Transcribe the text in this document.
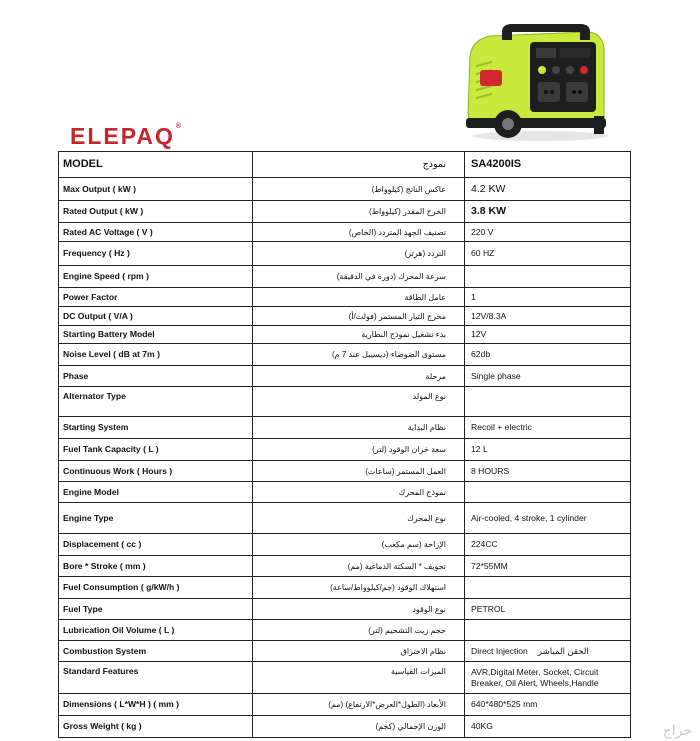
ELEPAQ®
MODEL	نموذج	SA4200IS
Max Output ( kW )	عاكس الناتج (كيلوواط)	4.2 KW
Rated Output ( kW )	الخرج المقدر (كيلوواط)	3.8 KW
Rated AC Voltage ( V )	تصنيف الجهد المتردد (الخاص)	220 V
Frequency ( Hz )	التردد (هرتز)	60 HZ
Engine Speed ( rpm )	سرعة المحرك (دورة في الدقيقة)	
Power Factor	عامل الطاقة	1
DC Output ( V/A )	مخرج التيار المستمر (فولت/أ)	12V/8.3A
Starting Battery Model	بدء تشغيل نموذج البطارية	12V
Noise Level ( dB at 7m )	مستوى الضوضاء (ديسيبل عند 7 م)	62db
Phase	مرحلة	Single phase
Alternator Type	نوع المولد	
Starting System	نظام البداية	Recoil + electric
Fuel Tank Capacity ( L )	سعة خزان الوقود (لتر)	12 L
Continuous Work ( Hours )	العمل المستمر (ساعات)	8 HOURS
Engine Model	نموذج المحرك	
Engine Type	نوع المحرك	Air-cooled, 4 stroke, 1 cylinder
Displacement ( cc )	الإزاحة (سم مكعب)	224CC
Bore * Stroke ( mm )	تجويف * السكتة الدماغية (مم)	72*55MM
Fuel Consumption ( g/kW/h )	استهلاك الوقود (جم/كيلوواط/ساعة)	
Fuel Type	نوع الوقود	PETROL
Lubrication Oil Volume ( L )	حجم زيت التشحيم (لتر)	
Combustion System	نظام الاحتراق	Direct Injection الحقن المباشر
Standard Features	الميزات القياسية	AVR,Digital Meter, Socket, Circuit Breaker, Oil Alert, Wheels,Handle
Dimensions ( L*W*H ) ( mm )	الأبعاد (الطول*العرض*الارتفاع) (مم)	640*480*525 mm
Gross Weight ( kg )	الوزن الإجمالي (كجم)	40KG	حراج
